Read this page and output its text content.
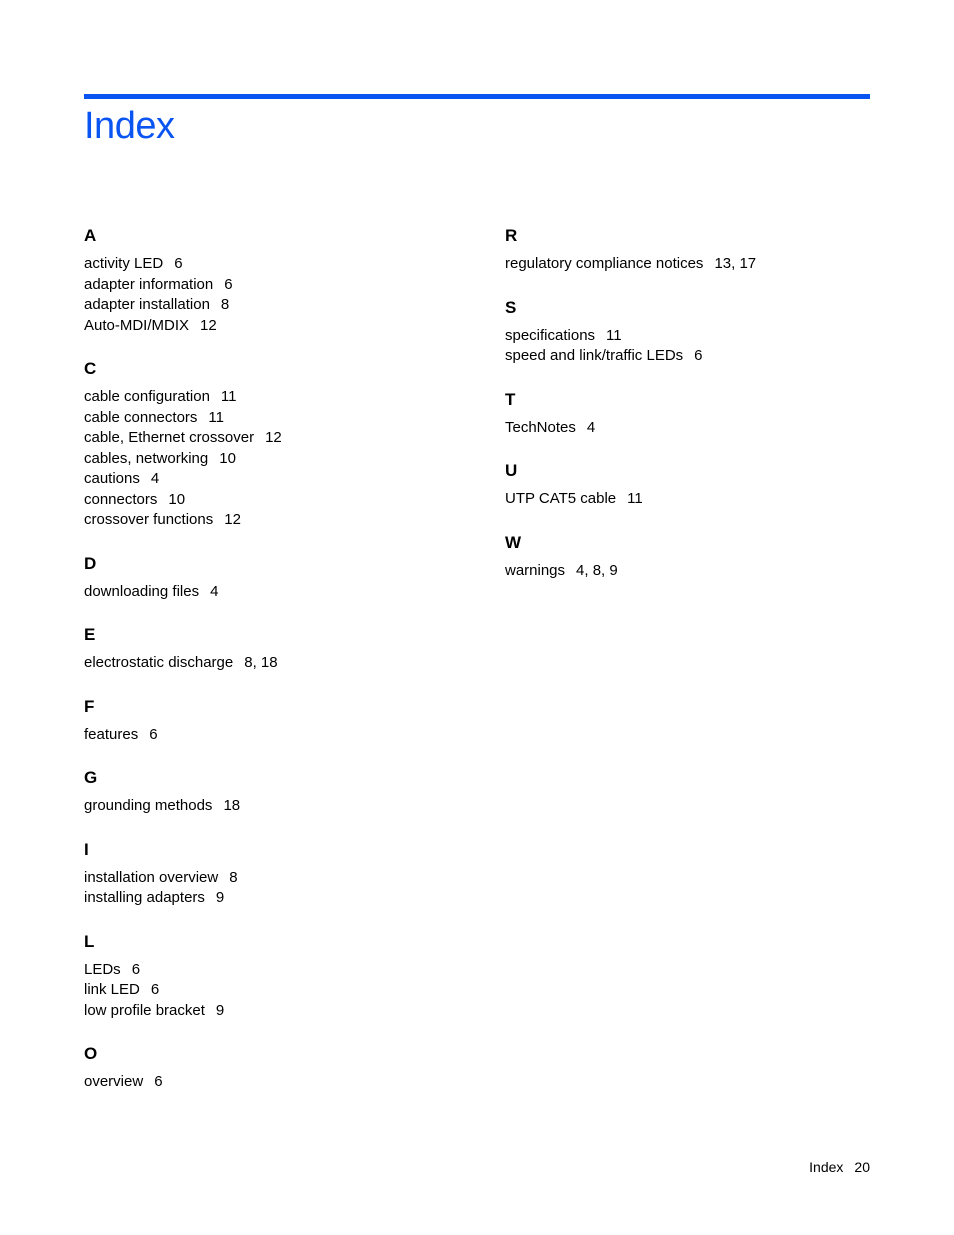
Index
A
activity LED 6
adapter information 6
adapter installation 8
Auto-MDI/MDIX 12
C
cable configuration 11
cable connectors 11
cable, Ethernet crossover 12
cables, networking 10
cautions 4
connectors 10
crossover functions 12
D
downloading files 4
E
electrostatic discharge 8, 18
F
features 6
G
grounding methods 18
I
installation overview 8
installing adapters 9
L
LEDs 6
link LED 6
low profile bracket 9
O
overview 6
R
regulatory compliance notices 13, 17
S
specifications 11
speed and link/traffic LEDs 6
T
TechNotes 4
U
UTP CAT5 cable 11
W
warnings 4, 8, 9
Index 20
